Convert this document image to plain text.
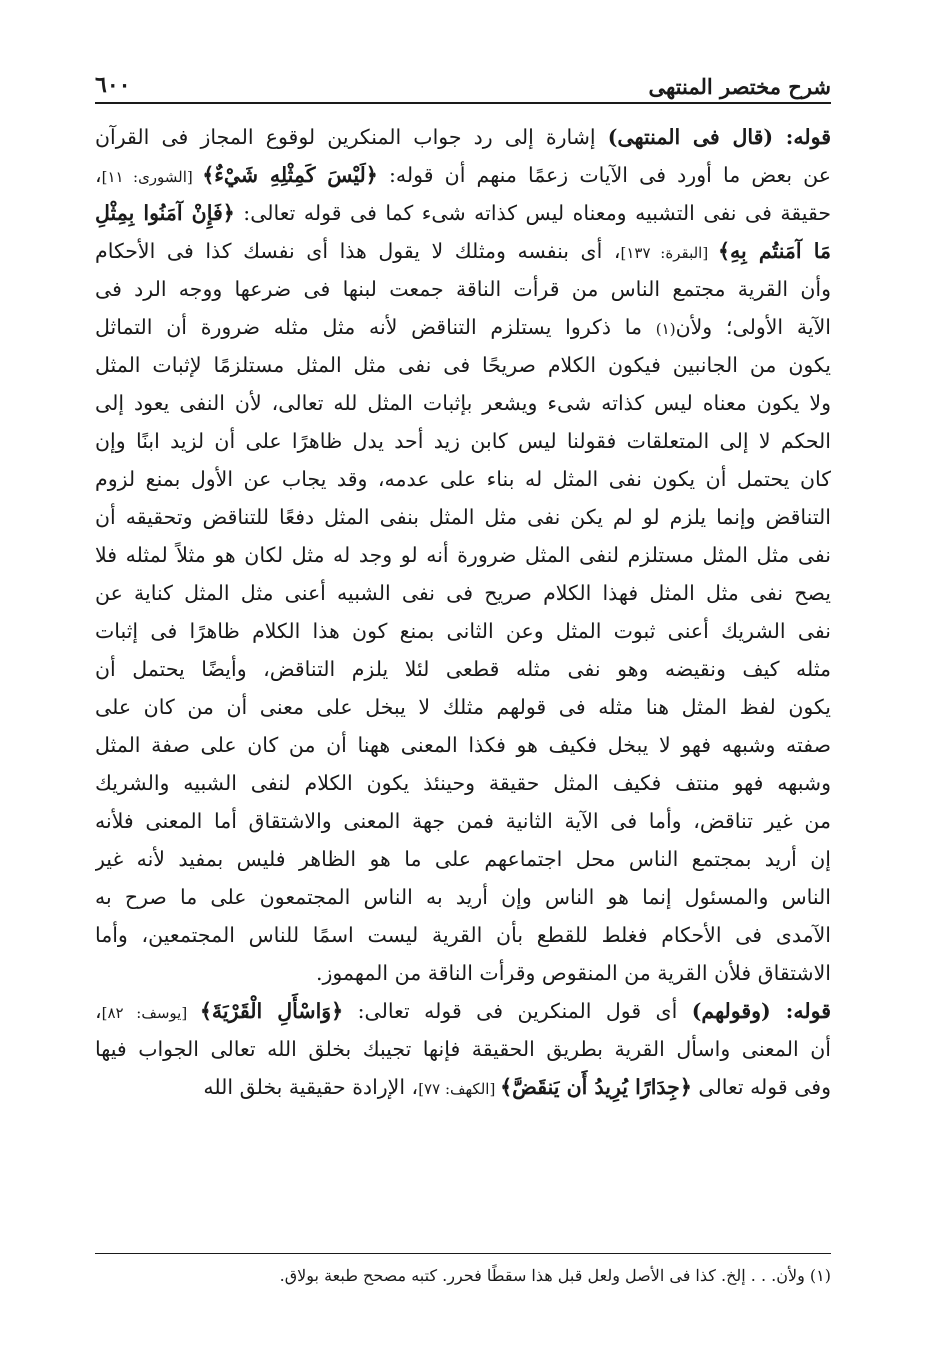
شرح مختصر المنتهى
٦٠٠
قوله: (قال فى المنتهى) إشارة إلى رد جواب المنكرين لوقوع المجاز فى القرآن
عن بعض ما أورد فى الآيات زعمًا منهم أن قوله: ﴿لَيْسَ كَمِثْلِهِ شَيْءٌ﴾ [الشورى: ١١]،
حقيقة فى نفى التشبيه ومعناه ليس كذاته شىء كما فى قوله تعالى: ﴿فَإِنْ آمَنُوا بِمِثْلِ
مَا آمَنتُم بِهِ﴾ [البقرة: ١٣٧]، أى بنفسه ومثلك لا يقول هذا أى نفسك كذا فى الأحكام
وأن القرية مجتمع الناس من قرأت الناقة جمعت لبنها فى ضرعها ووجه الرد فى
الآية الأولى؛ ولأن(١) ما ذكروا يستلزم التناقض لأنه مثل مثله ضرورة أن التماثل
يكون من الجانبين فيكون الكلام صريحًا فى نفى مثل المثل مستلزمًا لإثبات المثل
ولا يكون معناه ليس كذاته شىء ويشعر بإثبات المثل لله تعالى، لأن النفى يعود إلى
الحكم لا إلى المتعلقات فقولنا ليس كابن زيد أحد يدل ظاهرًا على أن لزيد ابنًا وإن
كان يحتمل أن يكون نفى المثل له بناء على عدمه، وقد يجاب عن الأول بمنع لزوم
التناقض وإنما يلزم لو لم يكن نفى مثل المثل بنفى المثل دفعًا للتناقض وتحقيقه أن
نفى مثل المثل مستلزم لنفى المثل ضرورة أنه لو وجد له مثل لكان هو مثلاً لمثله فلا
يصح نفى مثل المثل فهذا الكلام صريح فى نفى الشبيه أعنى مثل المثل كناية عن
نفى الشريك أعنى ثبوت المثل وعن الثانى بمنع كون هذا الكلام ظاهرًا فى إثبات
مثله كيف ونقيضه وهو نفى مثله قطعى لئلا يلزم التناقض، وأيضًا يحتمل أن
يكون لفظ المثل هنا مثله فى قولهم مثلك لا يبخل على معنى أن من كان على
صفته وشبهه فهو لا يبخل فكيف هو فكذا المعنى ههنا أن من كان على صفة المثل
وشبهه فهو منتف فكيف المثل حقيقة وحينئذ يكون الكلام لنفى الشبيه والشريك
من غير تناقض، وأما فى الآية الثانية فمن جهة المعنى والاشتقاق أما المعنى فلأنه
إن أريد بمجتمع الناس محل اجتماعهم على ما هو الظاهر فليس بمفيد لأنه غير
الناس والمسئول إنما هو الناس وإن أريد به الناس المجتمعون على ما صرح به
الآمدى فى الأحكام فغلط للقطع بأن القرية ليست اسمًا للناس المجتمعين، وأما
الاشتقاق فلأن القرية من المنقوص وقرأت الناقة من المهموز.
قوله: (وقولهم) أى قول المنكرين فى قوله تعالى: ﴿وَاسْأَلِ الْقَرْيَةَ﴾ [يوسف: ٨٢]،
أن المعنى واسأل القرية بطريق الحقيقة فإنها تجيبك بخلق الله تعالى الجواب فيها
وفى قوله تعالى ﴿جِدَارًا يُرِيدُ أَن يَنقَضَّ﴾ [الكهف: ٧٧]، الإرادة حقيقية بخلق الله
(١) ولأن. . . إلخ. كذا فى الأصل ولعل قبل هذا سقطًا فحرر. كتبه مصحح طبعة بولاق.
